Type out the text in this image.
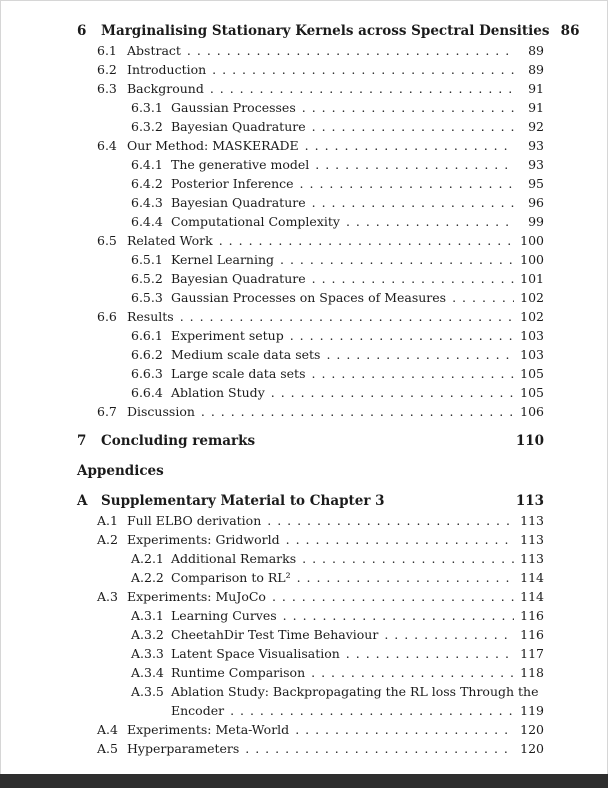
6	Marginalising Stationary Kernels across Spectral Densities 86
6.1 Abstract . . .	89
6.2 Introduction . . .	89
6.3 Background . . .	91
6.3.1 Gaussian Processes . . .	91
6.3.2 Bayesian Quadrature . . .	92
6.4 Our Method: MASKERADE . . .	93
6.4.1 The generative model . . .	93
6.4.2 Posterior Inference . . .	95
6.4.3 Bayesian Quadrature . . .	96
6.4.4 Computational Complexity . . .	99
6.5 Related Work . . .	100
6.5.1 Kernel Learning . . .	100
6.5.2 Bayesian Quadrature . . .	101
6.5.3 Gaussian Processes on Spaces of Measures . . .	102
6.6 Results . . .	102
6.6.1 Experiment setup . . .	103
6.6.2 Medium scale data sets . . .	103
6.6.3 Large scale data sets . . .	105
6.6.4 Ablation Study . . .	105
6.7 Discussion . . .	106
7	Concluding remarks	110
Appendices
A	Supplementary Material to Chapter 3	113
A.1 Full ELBO derivation . . .	113
A.2 Experiments: Gridworld . . .	113
A.2.1 Additional Remarks . . .	113
A.2.2 Comparison to RL² . . .	114
A.3 Experiments: MuJoCo . . .	114
A.3.1 Learning Curves . . .	116
A.3.2 CheetahDir Test Time Behaviour . . .	116
A.3.3 Latent Space Visualisation . . .	117
A.3.4 Runtime Comparison . . .	118
A.3.5 Ablation Study: Backpropagating the RL loss Through the
Encoder . . .	119
A.4 Experiments: Meta-World . . .	120
A.5 Hyperparameters . . .	120
